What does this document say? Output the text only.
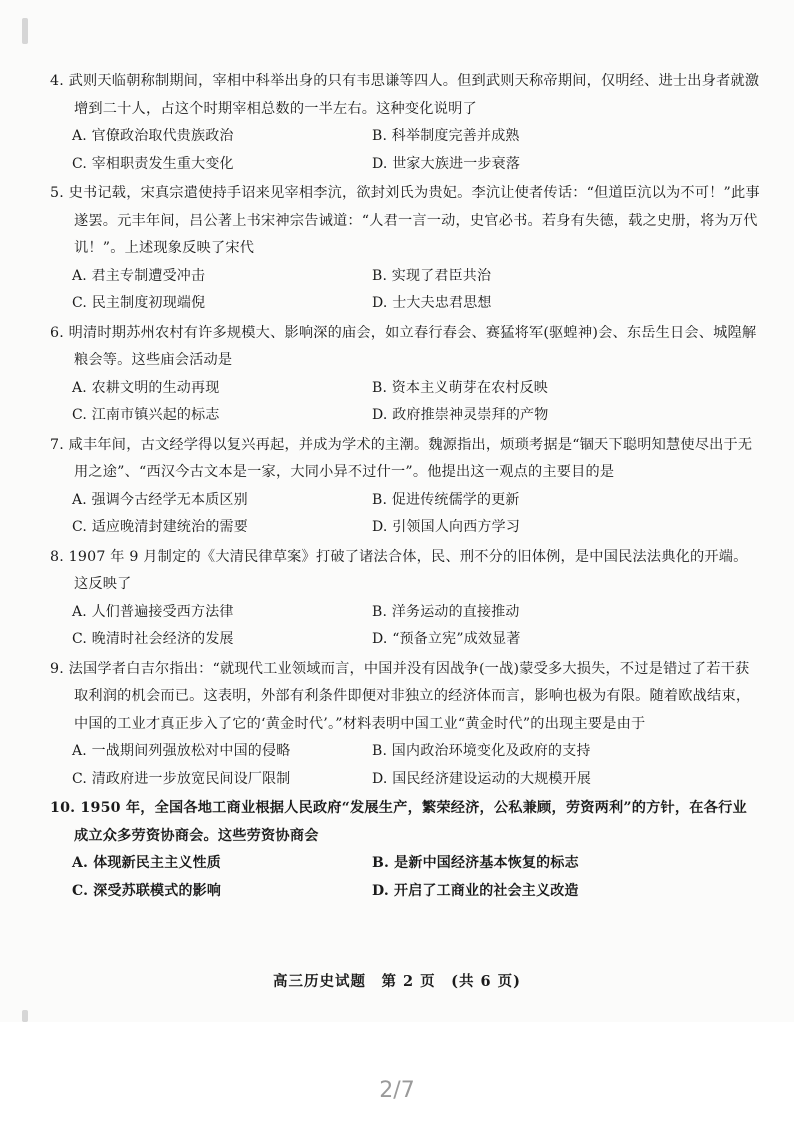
4. 武则天临朝称制期间，宰相中科举出身的只有韦思谦等四人。但到武则天称帝期间，仅明经、进士出身者就激增到二十人，占这个时期宰相总数的一半左右。这种变化说明了
A. 官僚政治取代贵族政治	B. 科举制度完善并成熟
C. 宰相职责发生重大变化	D. 世家大族进一步衰落
5. 史书记载，宋真宗遣使持手诏来见宰相李沆，欲封刘氏为贵妃。李沆让使者传话：“但道臣沆以为不可！”此事遂罢。元丰年间，吕公著上书宋神宗告诫道：“人君一言一动，史官必书。若身有失德，载之史册，将为万代讥！”。上述现象反映了宋代
A. 君主专制遭受冲击	B. 实现了君臣共治
C. 民主制度初现端倪	D. 士大夫忠君思想
6. 明清时期苏州农村有许多规模大、影响深的庙会，如立春行春会、赛猛将军(驱蝗神)会、东岳生日会、城隍解粮会等。这些庙会活动是
A. 农耕文明的生动再现	B. 资本主义萌芽在农村反映
C. 江南市镇兴起的标志	D. 政府推崇神灵崇拜的产物
7. 咸丰年间，古文经学得以复兴再起，并成为学术的主潮。魏源指出，烦琐考据是“锢天下聪明知慧使尽出于无用之途”、“西汉今古文本是一家，大同小异不过什一”。他提出这一观点的主要目的是
A. 强调今古经学无本质区别	B. 促进传统儒学的更新
C. 适应晚清封建统治的需要	D. 引领国人向西方学习
8. 1907 年 9 月制定的《大清民律草案》打破了诸法合体，民、刑不分的旧体例，是中国民法法典化的开端。这反映了
A. 人们普遍接受西方法律	B. 洋务运动的直接推动
C. 晚清时社会经济的发展	D. “预备立宪”成效显著
9. 法国学者白吉尔指出：“就现代工业领域而言，中国并没有因战争(一战)蒙受多大损失，不过是错过了若干获取利润的机会而已。这表明，外部有利条件即便对非独立的经济体而言，影响也极为有限。随着欧战结束，中国的工业才真正步入了它的‘黄金时代’。”材料表明中国工业“黄金时代”的出现主要是由于
A. 一战期间列强放松对中国的侵略	B. 国内政治环境变化及政府的支持
C. 清政府进一步放宽民间设厂限制	D. 国民经济建设运动的大规模开展
10. 1950 年，全国各地工商业根据人民政府“发展生产，繁荣经济，公私兼顾，劳资两利”的方针，在各行业成立众多劳资协商会。这些劳资协商会
A. 体现新民主主义性质	B. 是新中国经济基本恢复的标志
C. 深受苏联模式的影响	D. 开启了工商业的社会主义改造
高三历史试题　第 2 页　(共 6 页)
2/7
